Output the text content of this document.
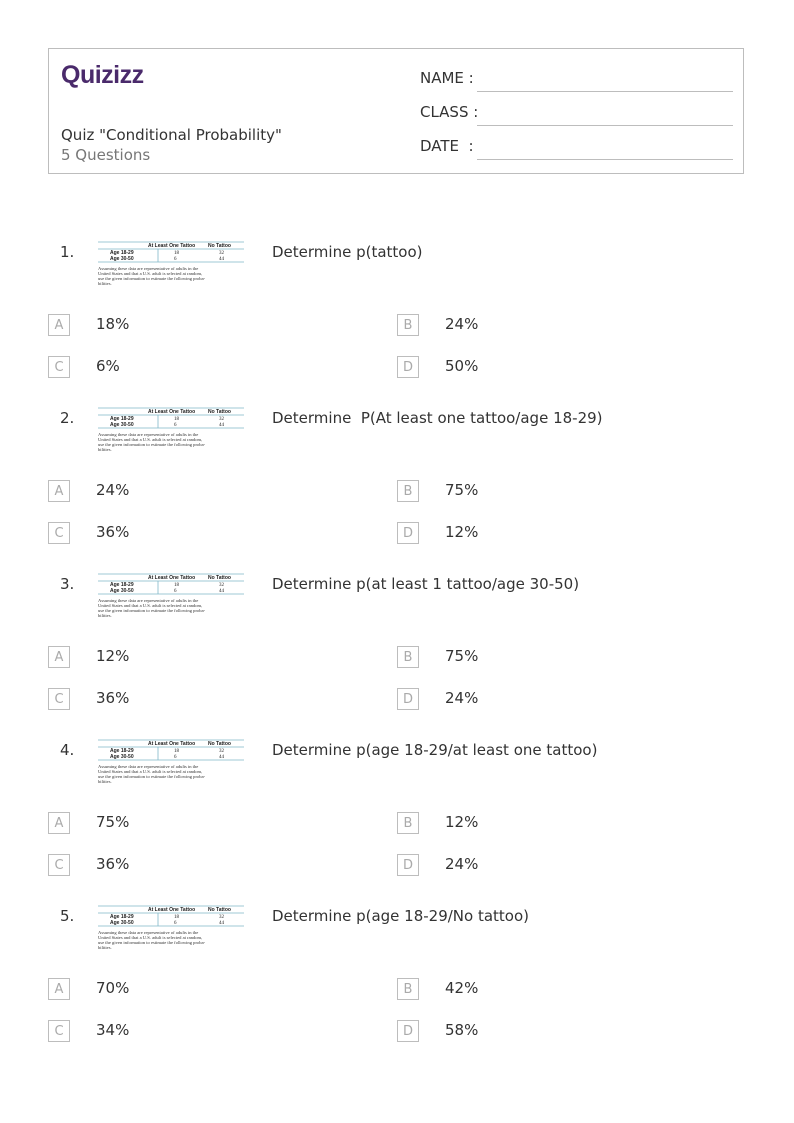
Quizizz
Quiz "Conditional Probability"
5 Questions
NAME :
CLASS :
DATE  :
1.	At Least One Tattoo	No Tattoo
Age 18-29	18	32
Age 30-50	6	44
Assuming these data are representative of adults in the
United States and that a U.S. adult is selected at random,
use the given information to estimate the following proba-
bilities.
Determine p(tattoo)
A	18%	B	24%
C	6%	D	50%
2.	At Least One Tattoo	No Tattoo
Age 18-29	18	32
Age 30-50	6	44
Assuming these data are representative of adults in the
United States and that a U.S. adult is selected at random,
use the given information to estimate the following proba-
bilities.
Determine  P(At least one tattoo/age 18-29)
A	24%	B	75%
C	36%	D	12%
3.	At Least One Tattoo	No Tattoo
Age 18-29	18	32
Age 30-50	6	44
Assuming these data are representative of adults in the
United States and that a U.S. adult is selected at random,
use the given information to estimate the following proba-
bilities.
Determine p(at least 1 tattoo/age 30-50)
A	12%	B	75%
C	36%	D	24%
4.	At Least One Tattoo	No Tattoo
Age 18-29	18	32
Age 30-50	6	44
Assuming these data are representative of adults in the
United States and that a U.S. adult is selected at random,
use the given information to estimate the following proba-
bilities.
Determine p(age 18-29/at least one tattoo)
A	75%	B	12%
C	36%	D	24%
5.	At Least One Tattoo	No Tattoo
Age 18-29	18	32
Age 30-50	6	44
Assuming these data are representative of adults in the
United States and that a U.S. adult is selected at random,
use the given information to estimate the following proba-
bilities.
Determine p(age 18-29/No tattoo)
A	70%	B	42%
C	34%	D	58%
